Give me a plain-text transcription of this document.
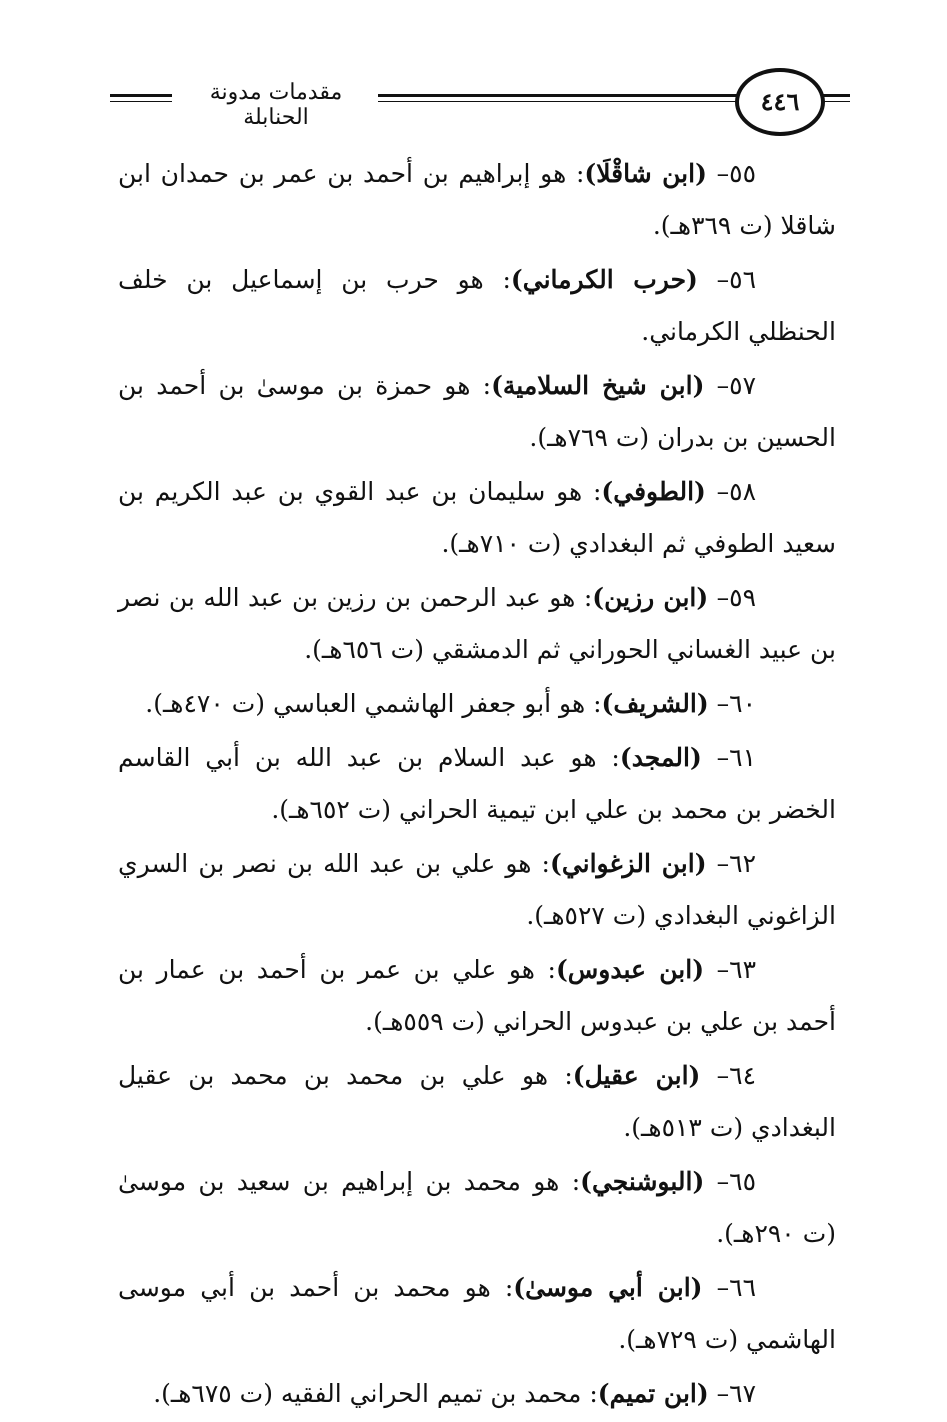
مقدمات مدونة الحنابلة
٤٤٦

٥٥– (ابن شاقْلَا): هو إبراهيم بن أحمد بن عمر بن حمدان ابن شاقلا (ت ٣٦٩هـ).

٥٦– (حرب الكرماني): هو حرب بن إسماعيل بن خلف الحنظلي الكرماني.

٥٧– (ابن شيخ السلامية): هو حمزة بن موسىٰ بن أحمد بن الحسين بن بدران (ت ٧٦٩هـ).

٥٨– (الطوفي): هو سليمان بن عبد القوي بن عبد الكريم بن سعيد الطوفي ثم البغدادي (ت ٧١٠هـ).

٥٩– (ابن رزين): هو عبد الرحمن بن رزين بن عبد الله بن نصر بن عبيد الغساني الحوراني ثم الدمشقي (ت ٦٥٦هـ).

٦٠– (الشريف): هو أبو جعفر الهاشمي العباسي (ت ٤٧٠هـ).

٦١– (المجد): هو عبد السلام بن عبد الله بن أبي القاسم الخضر بن محمد بن علي ابن تيمية الحراني (ت ٦٥٢هـ).

٦٢– (ابن الزغواني): هو علي بن عبد الله بن نصر بن السري الزاغوني البغدادي (ت ٥٢٧هـ).

٦٣– (ابن عبدوس): هو علي بن عمر بن أحمد بن عمار بن أحمد بن علي بن عبدوس الحراني (ت ٥٥٩هـ).

٦٤– (ابن عقيل): هو علي بن محمد بن محمد بن عقيل البغدادي (ت ٥١٣هـ).

٦٥– (البوشنجي): هو محمد بن إبراهيم بن سعيد بن موسىٰ (ت ٢٩٠هـ).

٦٦– (ابن أبي موسىٰ): هو محمد بن أحمد بن أبي موسى الهاشمي (ت ٧٢٩هـ).

٦٧– (ابن تميم): محمد بن تميم الحراني الفقيه (ت ٦٧٥هـ).
